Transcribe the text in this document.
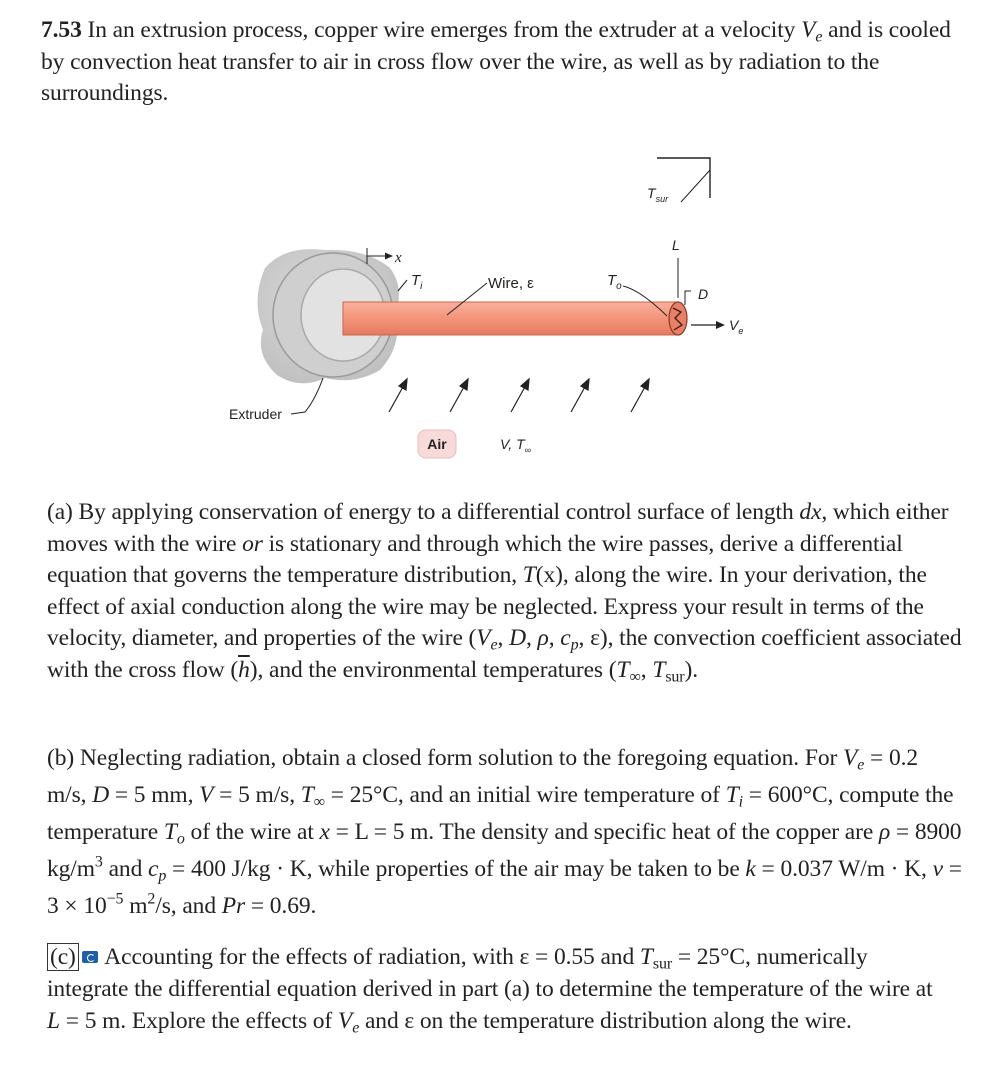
7.53 In an extrusion process, copper wire emerges from the extruder at a velocity $V_e$ and is cooled by convection heat transfer to air in cross flow over the wire, as well as by radiation to the surroundings.

x
$T_i$	Wire, ε	$T_o$
$T_{sur}$
L
D
$V_e$
Extruder
Air	V, $T_\infty$

(a) By applying conservation of energy to a differential control surface of length dx, which either moves with the wire or is stationary and through which the wire passes, derive a differential equation that governs the temperature distribution, T(x), along the wire. In your derivation, the effect of axial conduction along the wire may be neglected. Express your result in terms of the velocity, diameter, and properties of the wire ($V_e$, D, ρ, $c_p$, ε), the convection coefficient associated with the cross flow $(\overline{h})$, and the environmental temperatures ($T_\infty$, $T_{sur}$).

(b) Neglecting radiation, obtain a closed form solution to the foregoing equation. For $V_e = 0.2$ m/s, D = 5 mm, V = 5 m/s, $T_\infty = 25^\circ C$, and an initial wire temperature of $T_i = 600^\circ C$, compute the temperature $T_o$ of the wire at x = L = 5 m. The density and specific heat of the copper are ρ = 8900 $kg/m^3$ and $c_p = 400$ J/kg · K, while properties of the air may be taken to be k = 0.037 W/m · K, $\nu = 3 \times 10^{-5}$ $m^2/s$, and Pr = 0.69.

(c) Accounting for the effects of radiation, with ε = 0.55 and $T_{sur} = 25^\circ C$, numerically integrate the differential equation derived in part (a) to determine the temperature of the wire at L = 5 m. Explore the effects of $V_e$ and ε on the temperature distribution along the wire.
